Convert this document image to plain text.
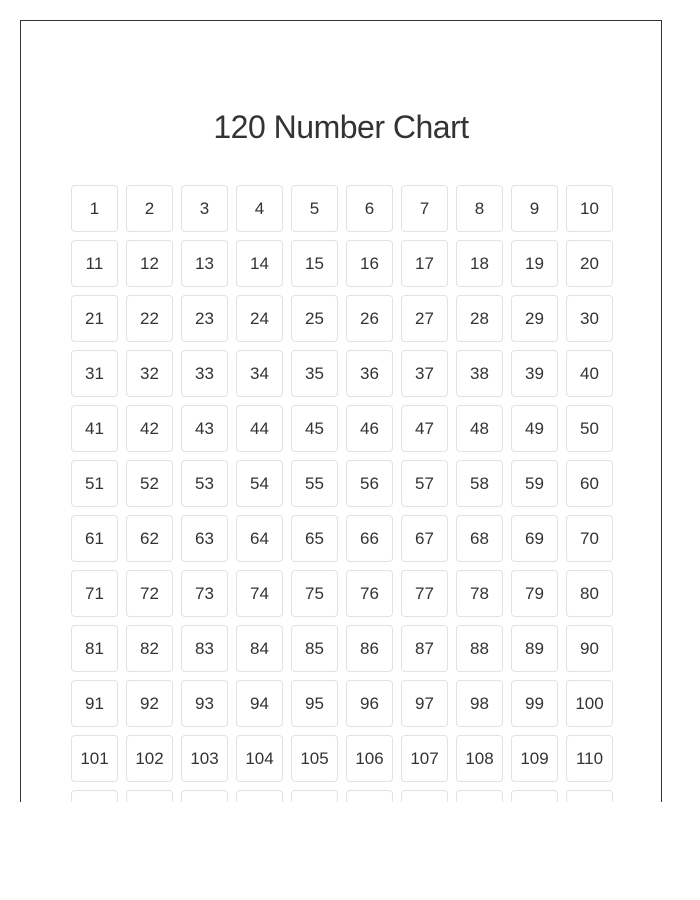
120 Number Chart
1	2	3	4	5	6	7	8	9	10
11	12	13	14	15	16	17	18	19	20
21	22	23	24	25	26	27	28	29	30
31	32	33	34	35	36	37	38	39	40
41	42	43	44	45	46	47	48	49	50
51	52	53	54	55	56	57	58	59	60
61	62	63	64	65	66	67	68	69	70
71	72	73	74	75	76	77	78	79	80
81	82	83	84	85	86	87	88	89	90
91	92	93	94	95	96	97	98	99	100
101	102	103	104	105	106	107	108	109	110
